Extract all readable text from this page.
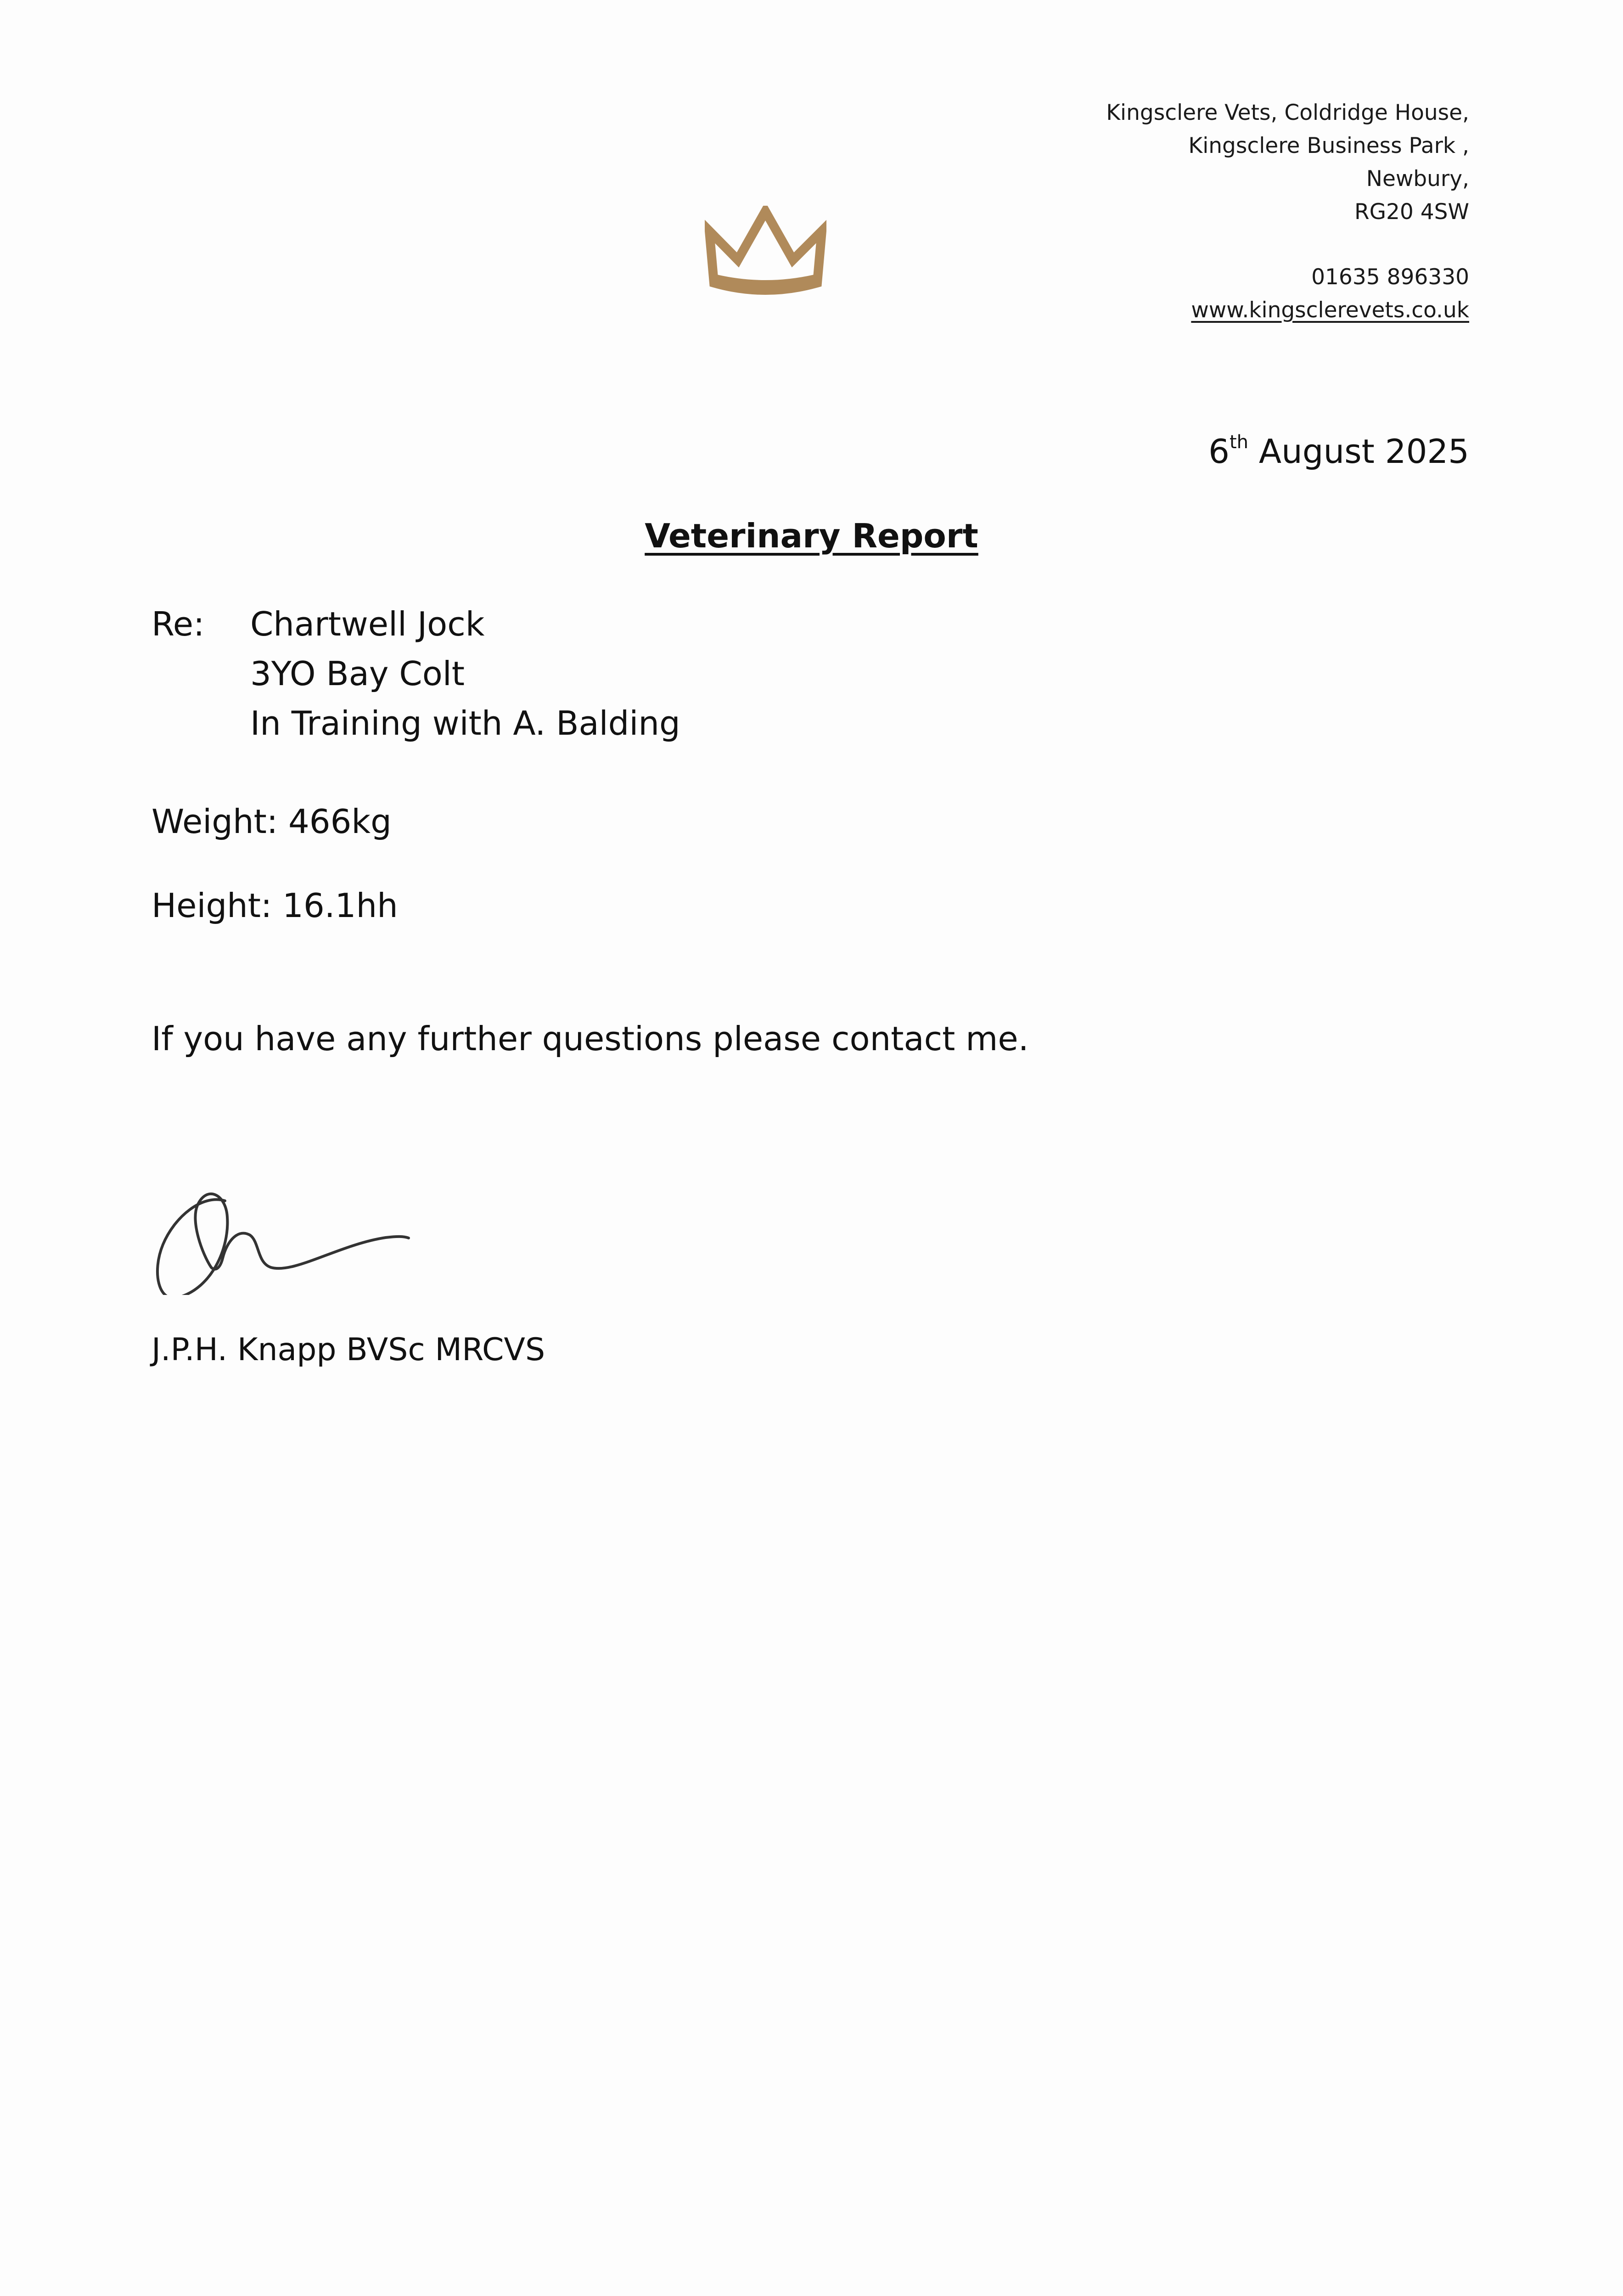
Kingsclere Vets, Coldridge House,
Kingsclere Business Park ,
Newbury,
RG20 4SW
01635 896330
www.kingsclerevets.co.uk
6th August 2025
Veterinary Report
Re: Chartwell Jock
3YO Bay Colt
In Training with A. Balding
Weight: 466kg
Height: 16.1hh
If you have any further questions please contact me.
J.P.H. Knapp BVSc MRCVS
